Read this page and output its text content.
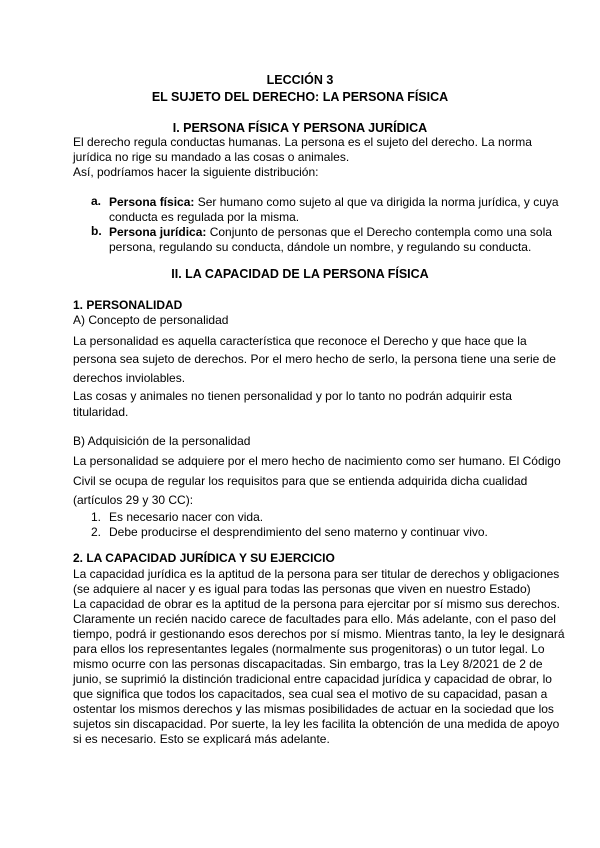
LECCIÓN 3
EL SUJETO DEL DERECHO: LA PERSONA FÍSICA
I. PERSONA FÍSICA Y PERSONA JURÍDICA
El derecho regula conductas humanas. La persona es el sujeto del derecho. La norma
jurídica no rige su mandado a las cosas o animales.
Así, podríamos hacer la siguiente distribución:
a. Persona física: Ser humano como sujeto al que va dirigida la norma jurídica, y cuya
conducta es regulada por la misma.
b. Persona jurídica: Conjunto de personas que el Derecho contempla como una sola
persona, regulando su conducta, dándole un nombre, y regulando su conducta.
II. LA CAPACIDAD DE LA PERSONA FÍSICA
1. PERSONALIDAD
A) Concepto de personalidad
La personalidad es aquella característica que reconoce el Derecho y que hace que la
persona sea sujeto de derechos. Por el mero hecho de serlo, la persona tiene una serie de
derechos inviolables.
Las cosas y animales no tienen personalidad y por lo tanto no podrán adquirir esta
titularidad.
B) Adquisición de la personalidad
La personalidad se adquiere por el mero hecho de nacimiento como ser humano. El Código
Civil se ocupa de regular los requisitos para que se entienda adquirida dicha cualidad
(artículos 29 y 30 CC):
1. Es necesario nacer con vida.
2. Debe producirse el desprendimiento del seno materno y continuar vivo.
2. LA CAPACIDAD JURÍDICA Y SU EJERCICIO
La capacidad jurídica es la aptitud de la persona para ser titular de derechos y obligaciones
(se adquiere al nacer y es igual para todas las personas que viven en nuestro Estado)
La capacidad de obrar es la aptitud de la persona para ejercitar por sí mismo sus derechos.
Claramente un recién nacido carece de facultades para ello. Más adelante, con el paso del
tiempo, podrá ir gestionando esos derechos por sí mismo. Mientras tanto, la ley le designará
para ellos los representantes legales (normalmente sus progenitoras) o un tutor legal. Lo
mismo ocurre con las personas discapacitadas. Sin embargo, tras la Ley 8/2021 de 2 de
junio, se suprimió la distinción tradicional entre capacidad jurídica y capacidad de obrar, lo
que significa que todos los capacitados, sea cual sea el motivo de su capacidad, pasan a
ostentar los mismos derechos y las mismas posibilidades de actuar en la sociedad que los
sujetos sin discapacidad. Por suerte, la ley les facilita la obtención de una medida de apoyo
si es necesario. Esto se explicará más adelante.
